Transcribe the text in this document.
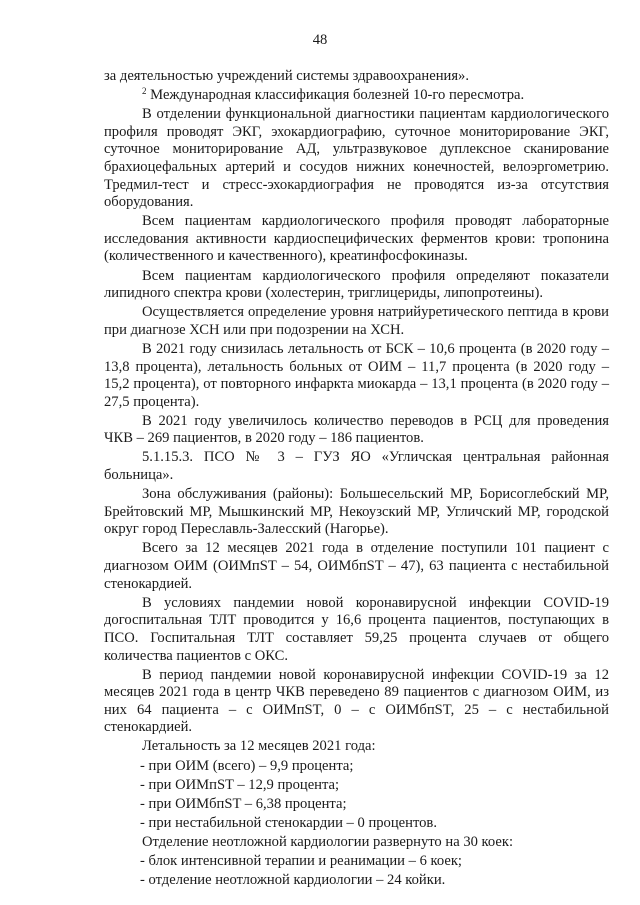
48

за деятельностью учреждений системы здравоохранения».

$^2$ Международная классификация болезней 10-го пересмотра.

В отделении функциональной диагностики пациентам кардиологического профиля проводят ЭКГ, эхокардиографию, суточное мониторирование ЭКГ, суточное мониторирование АД, ультразвуковое дуплексное сканирование брахиоцефальных артерий и сосудов нижних конечностей, велоэргометрию. Тредмил-тест и стресс-эхокардиография не проводятся из-за отсутствия оборудования.

Всем пациентам кардиологического профиля проводят лабораторные исследования активности кардиоспецифических ферментов крови: тропонина (количественного и качественного), креатинфосфокиназы.

Всем пациентам кардиологического профиля определяют показатели липидного спектра крови (холестерин, триглицериды, липопротеины).

Осуществляется определение уровня натрийуретического пептида в крови при диагнозе ХСН или при подозрении на ХСН.

В 2021 году снизилась летальность от БСК – 10,6 процента (в 2020 году – 13,8 процента), летальность больных от ОИМ – 11,7 процента (в 2020 году – 15,2 процента), от повторного инфаркта миокарда – 13,1 процента (в 2020 году – 27,5 процента).

В 2021 году увеличилось количество переводов в РСЦ для проведения ЧКВ – 269 пациентов, в 2020 году – 186 пациентов.

5.1.15.3. ПСО № 3 – ГУЗ ЯО «Угличская центральная районная больница».

Зона обслуживания (районы): Большесельский МР, Борисоглебский МР, Брейтовский МР, Мышкинский МР, Некоузский МР, Угличский МР, городской округ город Переславль-Залесский (Нагорье).

Всего за 12 месяцев 2021 года в отделение поступили 101 пациент с диагнозом ОИМ (ОИМпST – 54, ОИМбпST – 47), 63 пациента с нестабильной стенокардией.

В условиях пандемии новой коронавирусной инфекции COVID-19 догоспитальная ТЛТ проводится у 16,6 процента пациентов, поступающих в ПСО. Госпитальная ТЛТ составляет 59,25 процента случаев от общего количества пациентов с ОКС.

В период пандемии новой коронавирусной инфекции COVID-19 за 12 месяцев 2021 года в центр ЧКВ переведено 89 пациентов с диагнозом ОИМ, из них 64 пациента – с ОИМпST, 0 – с ОИМбпST, 25 – с нестабильной стенокардией.

Летальность за 12 месяцев 2021 года:

- при ОИМ (всего) – 9,9 процента;

- при ОИМпST – 12,9 процента;

- при ОИМбпST – 6,38 процента;

- при нестабильной стенокардии – 0 процентов.

Отделение неотложной кардиологии развернуто на 30 коек:

- блок интенсивной терапии и реанимации – 6 коек;

- отделение неотложной кардиологии – 24 койки.
